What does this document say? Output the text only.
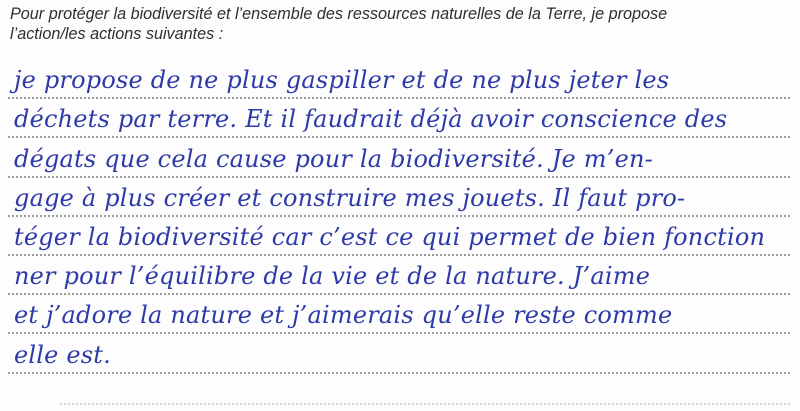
Pour protéger la biodiversité et l’ensemble des ressources naturelles de la Terre, je propose
l’action/les actions suivantes :
je propose de ne plus gaspiller et de ne plus jeter les
déchets par terre. Et il faudrait déjà avoir conscience des
dégats que cela cause pour la biodiversité. Je m’en-
gage à plus créer et construire mes jouets. Il faut pro-
téger la biodiversité car c’est ce qui permet de bien fonction
ner pour l’équilibre de la vie et de la nature. J’aime
et j’adore la nature et j’aimerais qu’elle reste comme
elle est.
